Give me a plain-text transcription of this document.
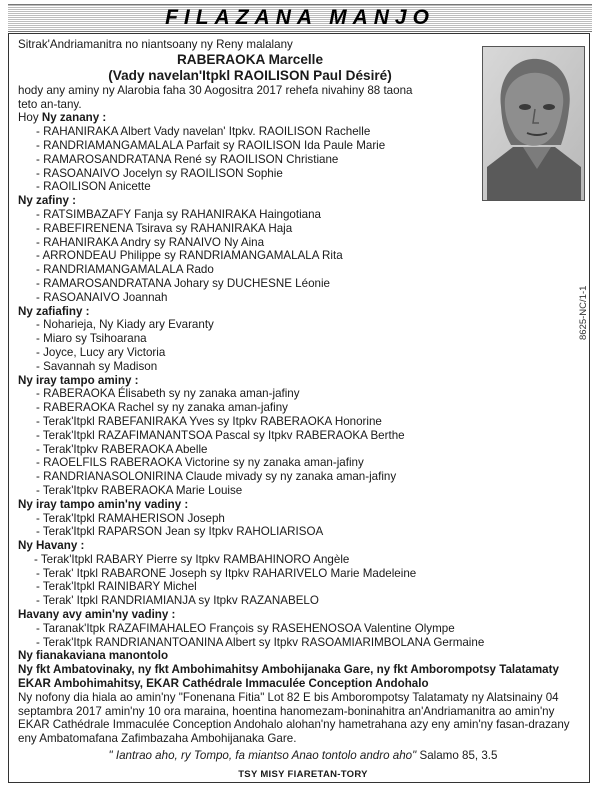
FILAZANA MANJO
8625-NC/1-1
Sitrak'Andriamanitra no niantsoany ny Reny malalany
RABERAOKA Marcelle
(Vady navelan'Itpkl RAOILISON Paul Désiré)
hody any aminy ny Alarobia faha 30 Aogositra 2017 rehefa nivahiny 88 taona
teto an-tany.
Hoy Ny zanany :
- RAHANIRAKA Albert Vady navelan' Itpkv. RAOILISON Rachelle
- RANDRIAMANGAMALALA Parfait sy RAOILISON Ida Paule Marie
- RAMAROSANDRATANA René sy RAOILISON Christiane
- RASOANAIVO Jocelyn sy RAOILISON Sophie
- RAOILISON Anicette
Ny zafiny :
- RATSIMBAZAFY Fanja sy RAHANIRAKA Haingotiana
- RABEFIRENENA Tsirava sy RAHANIRAKA Haja
- RAHANIRAKA Andry sy RANAIVO Ny Aina
- ARRONDEAU Philippe sy RANDRIAMANGAMALALA Rita
- RANDRIAMANGAMALALA Rado
- RAMAROSANDRATANA Johary sy DUCHESNE Léonie
- RASOANAIVO Joannah
Ny zafiafiny :
- Noharieja, Ny Kiady ary Evaranty
- Miaro sy Tsihoarana
- Joyce, Lucy ary Victoria
- Savannah sy Madison
Ny iray tampo aminy :
- RABERAOKA Élisabeth sy ny zanaka aman-jafiny
- RABERAOKA Rachel sy ny zanaka aman-jafiny
- Terak'Itpkl RABEFANIRAKA Yves sy Itpkv RABERAOKA Honorine
- Terak'Itpkl RAZAFIMANANTSOA Pascal sy Itpkv RABERAOKA Berthe
- Terak'Itpkv RABERAOKA Abelle
- RAOELFILS RABERAOKA Victorine sy ny zanaka aman-jafiny
- RANDRIANASOLONIRINA Claude mivady sy ny zanaka aman-jafiny
- Terak'Itpkv RABERAOKA Marie Louise
Ny iray tampo amin'ny vadiny :
- Terak'Itpkl RAMAHERISON Joseph
- Terak'Itpkl RAPARSON Jean sy Itpkv RAHOLIARISOA
Ny Havany :
- Terak'Itpkl RABARY Pierre sy Itpkv RAMBAHINORO Angèle
- Terak' Itpkl RABARONE Joseph sy Itpkv RAHARIVELO Marie Madeleine
- Terak'Itpkl RAINIBARY Michel
- Terak' Itpkl RANDRIAMIANJA sy Itpkv RAZANABELO
Havany avy amin'ny vadiny :
- Taranak'Itpk RAZAFIMAHALEO François sy RASEHENOSOA Valentine Olympe
- Terak'Itpk RANDRIANANTOANINA Albert sy Itpkv RASOAMIARIMBOLANA Germaine
Ny fianakaviana manontolo
Ny fkt Ambatovinaky, ny fkt Ambohimahitsy Ambohijanaka Gare, ny fkt Amborompotsy Talatamaty
EKAR Ambohimahitsy, EKAR Cathédrale Immaculée Conception Andohalo
Ny nofony dia hiala ao amin'ny "Fonenana Fitia" Lot 82 E bis Amborompotsy Talatamaty ny Alatsinainy 04
septambra 2017 amin'ny 10 ora maraina, hoentina hanomezam-boninahitra an'Andriamanitra ao amin'ny
EKAR Cathédrale Immaculée Conception Andohalo alohan'ny hametrahana azy eny amin'ny fasan-drazany
eny Ambatomafana Zafimbazaha Ambohijanaka Gare.
" Iantrao aho, ry Tompo, fa miantso Anao tontolo andro aho" Salamo 85, 3.5
TSY MISY FIARETAN-TORY
